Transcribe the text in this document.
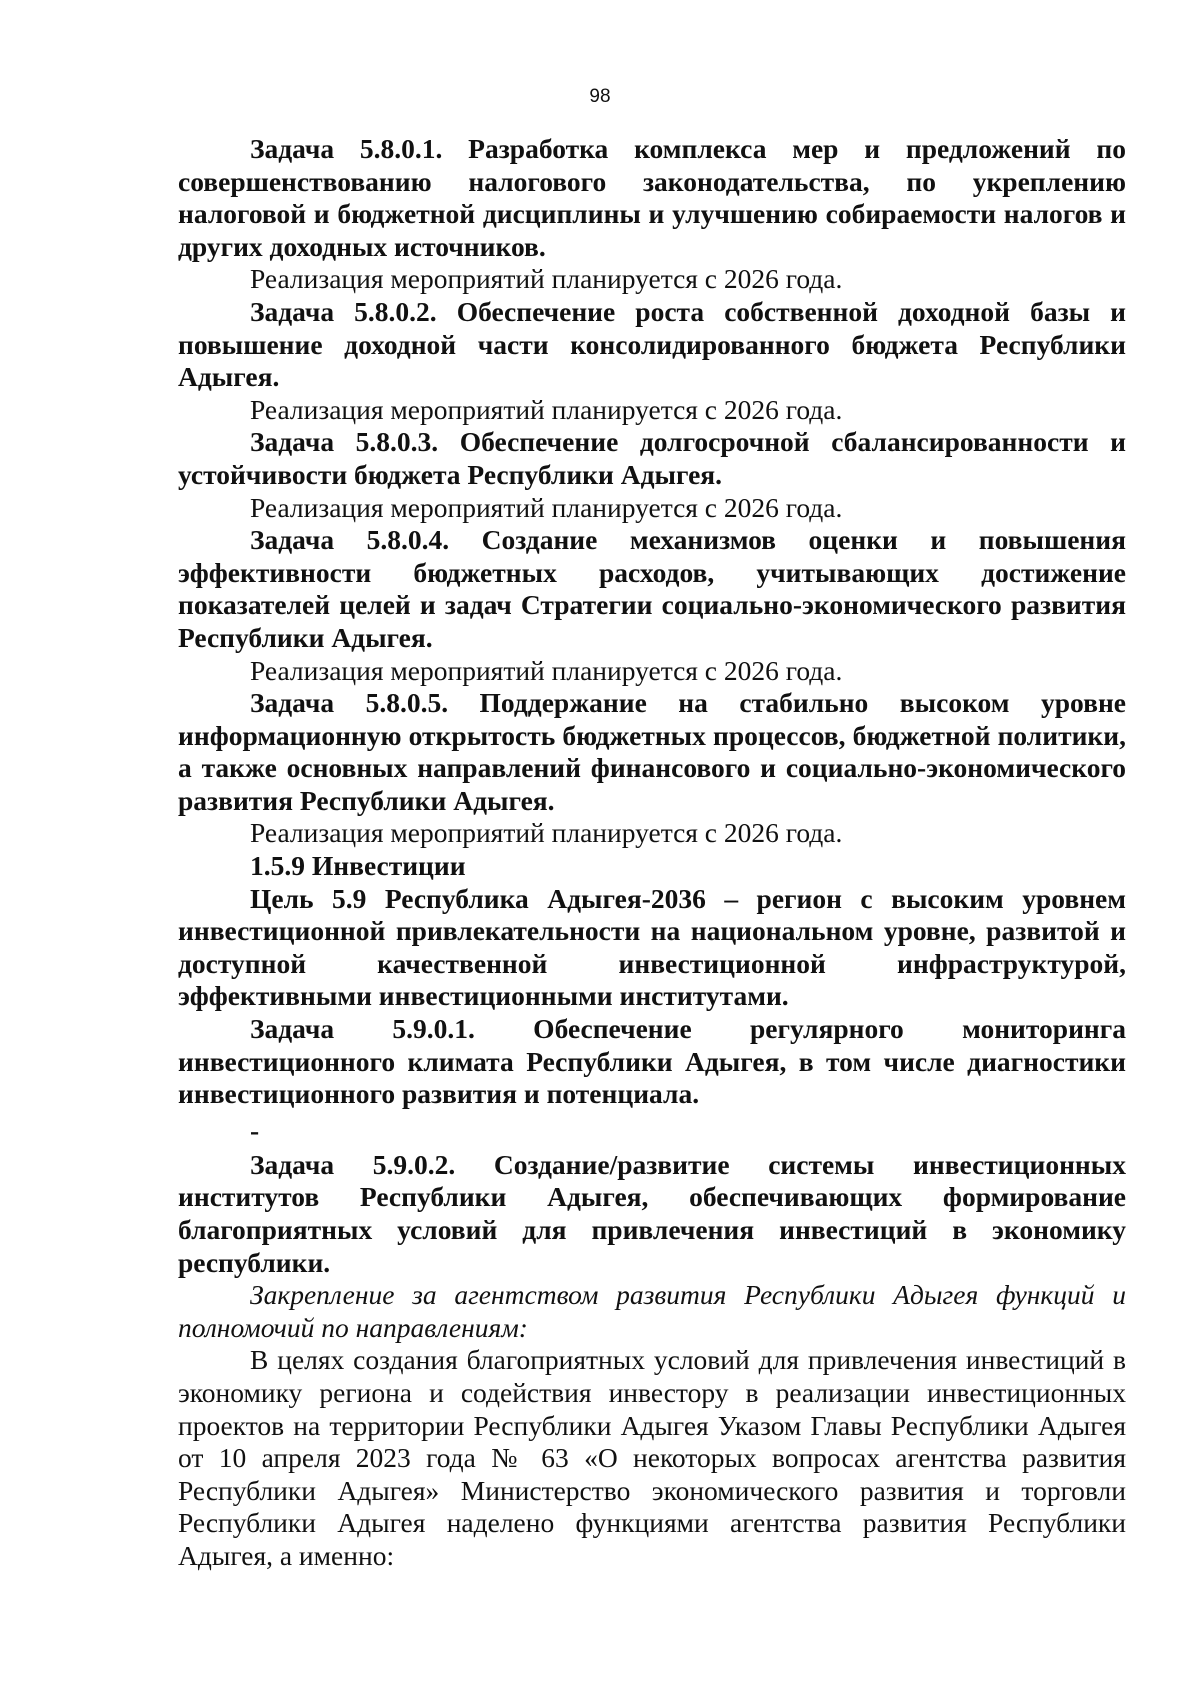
98

Задача 5.8.0.1. Разработка комплекса мер и предложений по совершенствованию налогового законодательства, по укреплению налоговой и бюджетной дисциплины и улучшению собираемости налогов и других доходных источников.

Реализация мероприятий планируется с 2026 года.

Задача 5.8.0.2. Обеспечение роста собственной доходной базы и повышение доходной части консолидированного бюджета Республики Адыгея.

Реализация мероприятий планируется с 2026 года.

Задача 5.8.0.3. Обеспечение долгосрочной сбалансированности и устойчивости бюджета Республики Адыгея.

Реализация мероприятий планируется с 2026 года.

Задача 5.8.0.4. Создание механизмов оценки и повышения эффективности бюджетных расходов, учитывающих достижение показателей целей и задач Стратегии социально-экономического развития Республики Адыгея.

Реализация мероприятий планируется с 2026 года.

Задача 5.8.0.5. Поддержание на стабильно высоком уровне информационную открытость бюджетных процессов, бюджетной политики, а также основных направлений финансового и социально-экономического развития Республики Адыгея.

Реализация мероприятий планируется с 2026 года.

1.5.9 Инвестиции

Цель 5.9 Республика Адыгея-2036 – регион с высоким уровнем инвестиционной привлекательности на национальном уровне, развитой и доступной качественной инвестиционной инфраструктурой, эффективными инвестиционными институтами.

Задача 5.9.0.1. Обеспечение регулярного мониторинга инвестиционного климата Республики Адыгея, в том числе диагностики инвестиционного развития и потенциала.

-

Задача 5.9.0.2. Создание/развитие системы инвестиционных институтов Республики Адыгея, обеспечивающих формирование благоприятных условий для привлечения инвестиций в экономику республики.

Закрепление за агентством развития Республики Адыгея функций и полномочий по направлениям:

В целях создания благоприятных условий для привлечения инвестиций в экономику региона и содействия инвестору в реализации инвестиционных проектов на территории Республики Адыгея Указом Главы Республики Адыгея от 10 апреля 2023 года № 63 «О некоторых вопросах агентства развития Республики Адыгея» Министерство экономического развития и торговли Республики Адыгея наделено функциями агентства развития Республики Адыгея, а именно:
